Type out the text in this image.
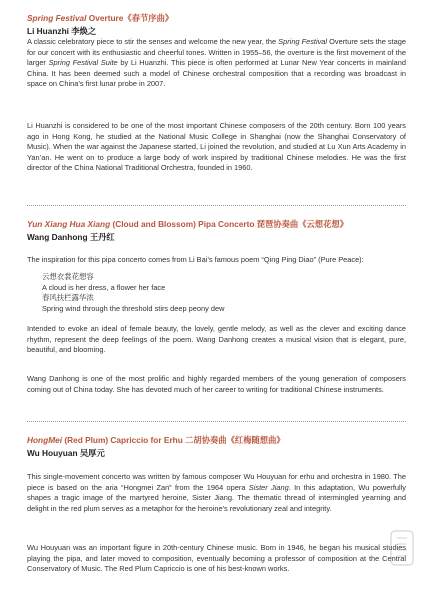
Spring Festival Overture《春节序曲》
Li Huanzhi 李焕之

A classic celebratory piece to stir the senses and welcome the new year, the Spring Festival Overture sets the stage for our concert with its enthusiastic and cheerful tones. Written in 1955–56, the overture is the first movement of the larger Spring Festival Suite by Li Huanzhi. This piece is often performed at Lunar New Year concerts in mainland China. It has been deemed such a model of Chinese orchestral composition that a recording was broadcast in space on China’s first lunar probe in 2007.

Li Huanzhi is considered to be one of the most important Chinese composers of the 20th century. Born 100 years ago in Hong Kong, he studied at the National Music College in Shanghai (now the Shanghai Conservatory of Music). When the war against the Japanese started, Li joined the revolution, and studied at Lu Xun Arts Academy in Yan’an. He went on to produce a large body of work inspired by traditional Chinese melodies. He was the first director of the China National Traditional Orchestra, founded in 1960.

Yun Xiang Hua Xiang (Cloud and Blossom) Pipa Concerto 琵琶协奏曲《云想花想》
Wang Danhong 王丹红

The inspiration for this pipa concerto comes from Li Bai’s famous poem “Qing Ping Diao” (Pure Peace):

云想衣裳花想容
A cloud is her dress, a flower her face
春风扶栏露华浓
Spring wind through the threshold stirs deep peony dew

Intended to evoke an ideal of female beauty, the lovely, gentle melody, as well as the clever and exciting dance rhythm, represent the deep feelings of the poem. Wang Danhong creates a musical vision that is elegant, pure, beautiful, and blooming.

Wang Danhong is one of the most prolific and highly regarded members of the young generation of composers coming out of China today. She has devoted much of her career to writing for traditional Chinese instruments.

HongMei (Red Plum) Capriccio for Erhu 二胡协奏曲《红梅随想曲》
Wu Houyuan 吴厚元

This single-movement concerto was written by famous composer Wu Houyuan for erhu and orchestra in 1980. The piece is based on the aria “Hongmei Zan” from the 1964 opera Sister Jiang. In this adaptation, Wu powerfully shapes a tragic image of the martyred heroine, Sister Jiang. The thematic thread of intermingled yearning and delight in the red plum serves as a metaphor for the heroine’s revolutionary zeal and integrity.

Wu Houyuan was an important figure in 20th-century Chinese music. Born in 1946, he began his musical studies playing the pipa, and later moved to composition, eventually becoming a professor of composition at the Central Conservatory of Music. The Red Plum Capriccio is one of his best-known works.
